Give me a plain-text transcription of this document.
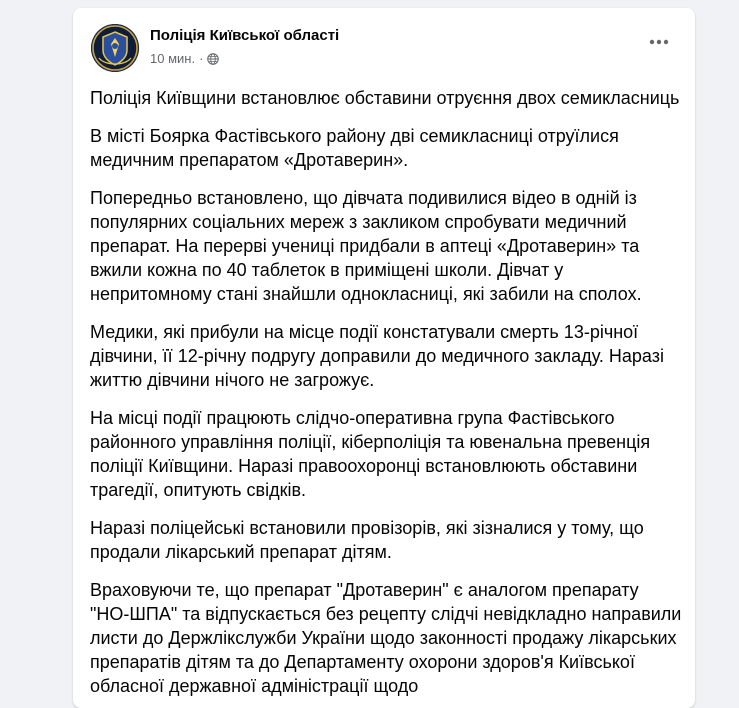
Поліція Київської області
10 мин. ·

Поліція Київщини встановлює обставини отруєння двох семикласниць

В місті Боярка Фастівського району дві семикласниці отруїлися медичним препаратом «Дротаверин».

Попередньо встановлено, що дівчата подивилися відео в одній із популярних соціальних мереж з закликом спробувати медичний препарат. На перерві учениці придбали в аптеці «Дротаверин» та вжили кожна по 40 таблеток в приміщені школи. Дівчат у непритомному стані знайшли однокласниці, які забили на сполох.

Медики, які прибули на місце події констатували смерть 13-річної дівчини, її 12-річну подругу доправили до медичного закладу. Наразі життю дівчини нічого не загрожує.

На місці події працюють слідчо-оперативна група Фастівського районного управління поліції, кіберполіція та ювенальна превенція поліції Київщини. Наразі правоохоронці встановлюють обставини трагедії, опитують свідків.

Наразі поліцейські встановили провізорів, які зізналися у тому, що продали лікарський препарат дітям.

Враховуючи те, що препарат "Дротаверин" є аналогом препарату "НО-ШПА" та відпускається без рецепту слідчі невідкладно направили листи до Держлікслужби України щодо законності продажу лікарських препаратів дітям та до Департаменту охорони здоров'я Київської обласної державної адміністрації щодо
